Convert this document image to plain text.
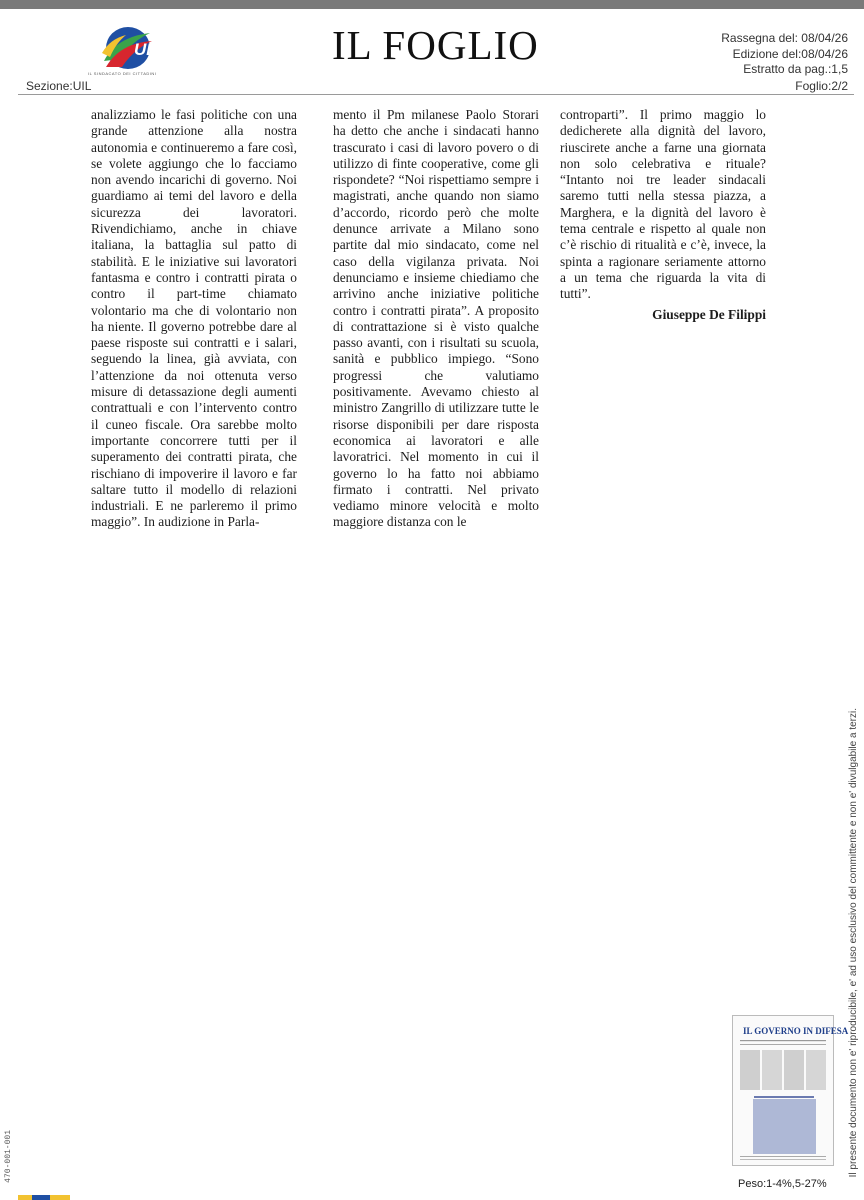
UIL
IL SINDACATO DEI CITTADINI
IL FOGLIO	Rassegna del: 08/04/26
Edizione del:08/04/26
Estratto da pag.:1,5
Sezione:UIL	Foglio:2/2

analizziamo le fasi politiche con una grande attenzione alla nostra autonomia e continueremo a fare così, se volete aggiungo che lo facciamo non avendo incarichi di governo. Noi guardiamo ai temi del lavoro e della sicurezza dei lavoratori. Rivendichiamo, anche in chiave italiana, la battaglia sul patto di stabilità. E le iniziative sui lavoratori fantasma e contro i contratti pirata o contro il part-time chiamato volontario ma che di volontario non ha niente. Il governo potrebbe dare al paese risposte sui contratti e i salari, seguendo la linea, già avviata, con l’attenzione da noi ottenuta verso misure di detassazione degli aumenti contrattuali e con l’intervento contro il cuneo fiscale. Ora sarebbe molto importante concorrere tutti per il superamento dei contratti pirata, che rischiano di impoverire il lavoro e far saltare tutto il modello di relazioni industriali. E ne parleremo il primo maggio”. In audizione in Parla-

mento il Pm milanese Paolo Storari ha detto che anche i sindacati hanno trascurato i casi di lavoro povero o di utilizzo di finte cooperative, come gli rispondete? “Noi rispettiamo sempre i magistrati, anche quando non siamo d’accordo, ricordo però che molte denunce arrivate a Milano sono partite dal mio sindacato, come nel caso della vigilanza privata. Noi denunciamo e insieme chiediamo che arrivino anche iniziative politiche contro i contratti pirata”. A proposito di contrattazione si è visto qualche passo avanti, con i risultati su scuola, sanità e pubblico impiego. “Sono progressi che valutiamo positivamente. Avevamo chiesto al ministro Zangrillo di utilizzare tutte le risorse disponibili per dare risposta economica ai lavoratori e alle lavoratrici. Nel momento in cui il governo lo ha fatto noi abbiamo firmato i contratti. Nel privato vediamo minore velocità e molto maggiore distanza con le

controparti”. Il primo maggio lo dedicherete alla dignità del lavoro, riuscirete anche a farne una giornata non solo celebrativa e rituale? “Intanto noi tre leader sindacali saremo tutti nella stessa piazza, a Marghera, e la dignità del lavoro è tema centrale e rispetto al quale non c’è rischio di ritualità e c’è, invece, la spinta a ragionare seriamente attorno a un tema che riguarda la vita di tutti”.

Giuseppe De Filippi
Il presente documento non e' riproducibile, e' ad uso esclusivo del committente e non e' divulgabile a terzi.
470-001-001
IL GOVERNO IN DIFESA
Peso:1-4%,5-27%
